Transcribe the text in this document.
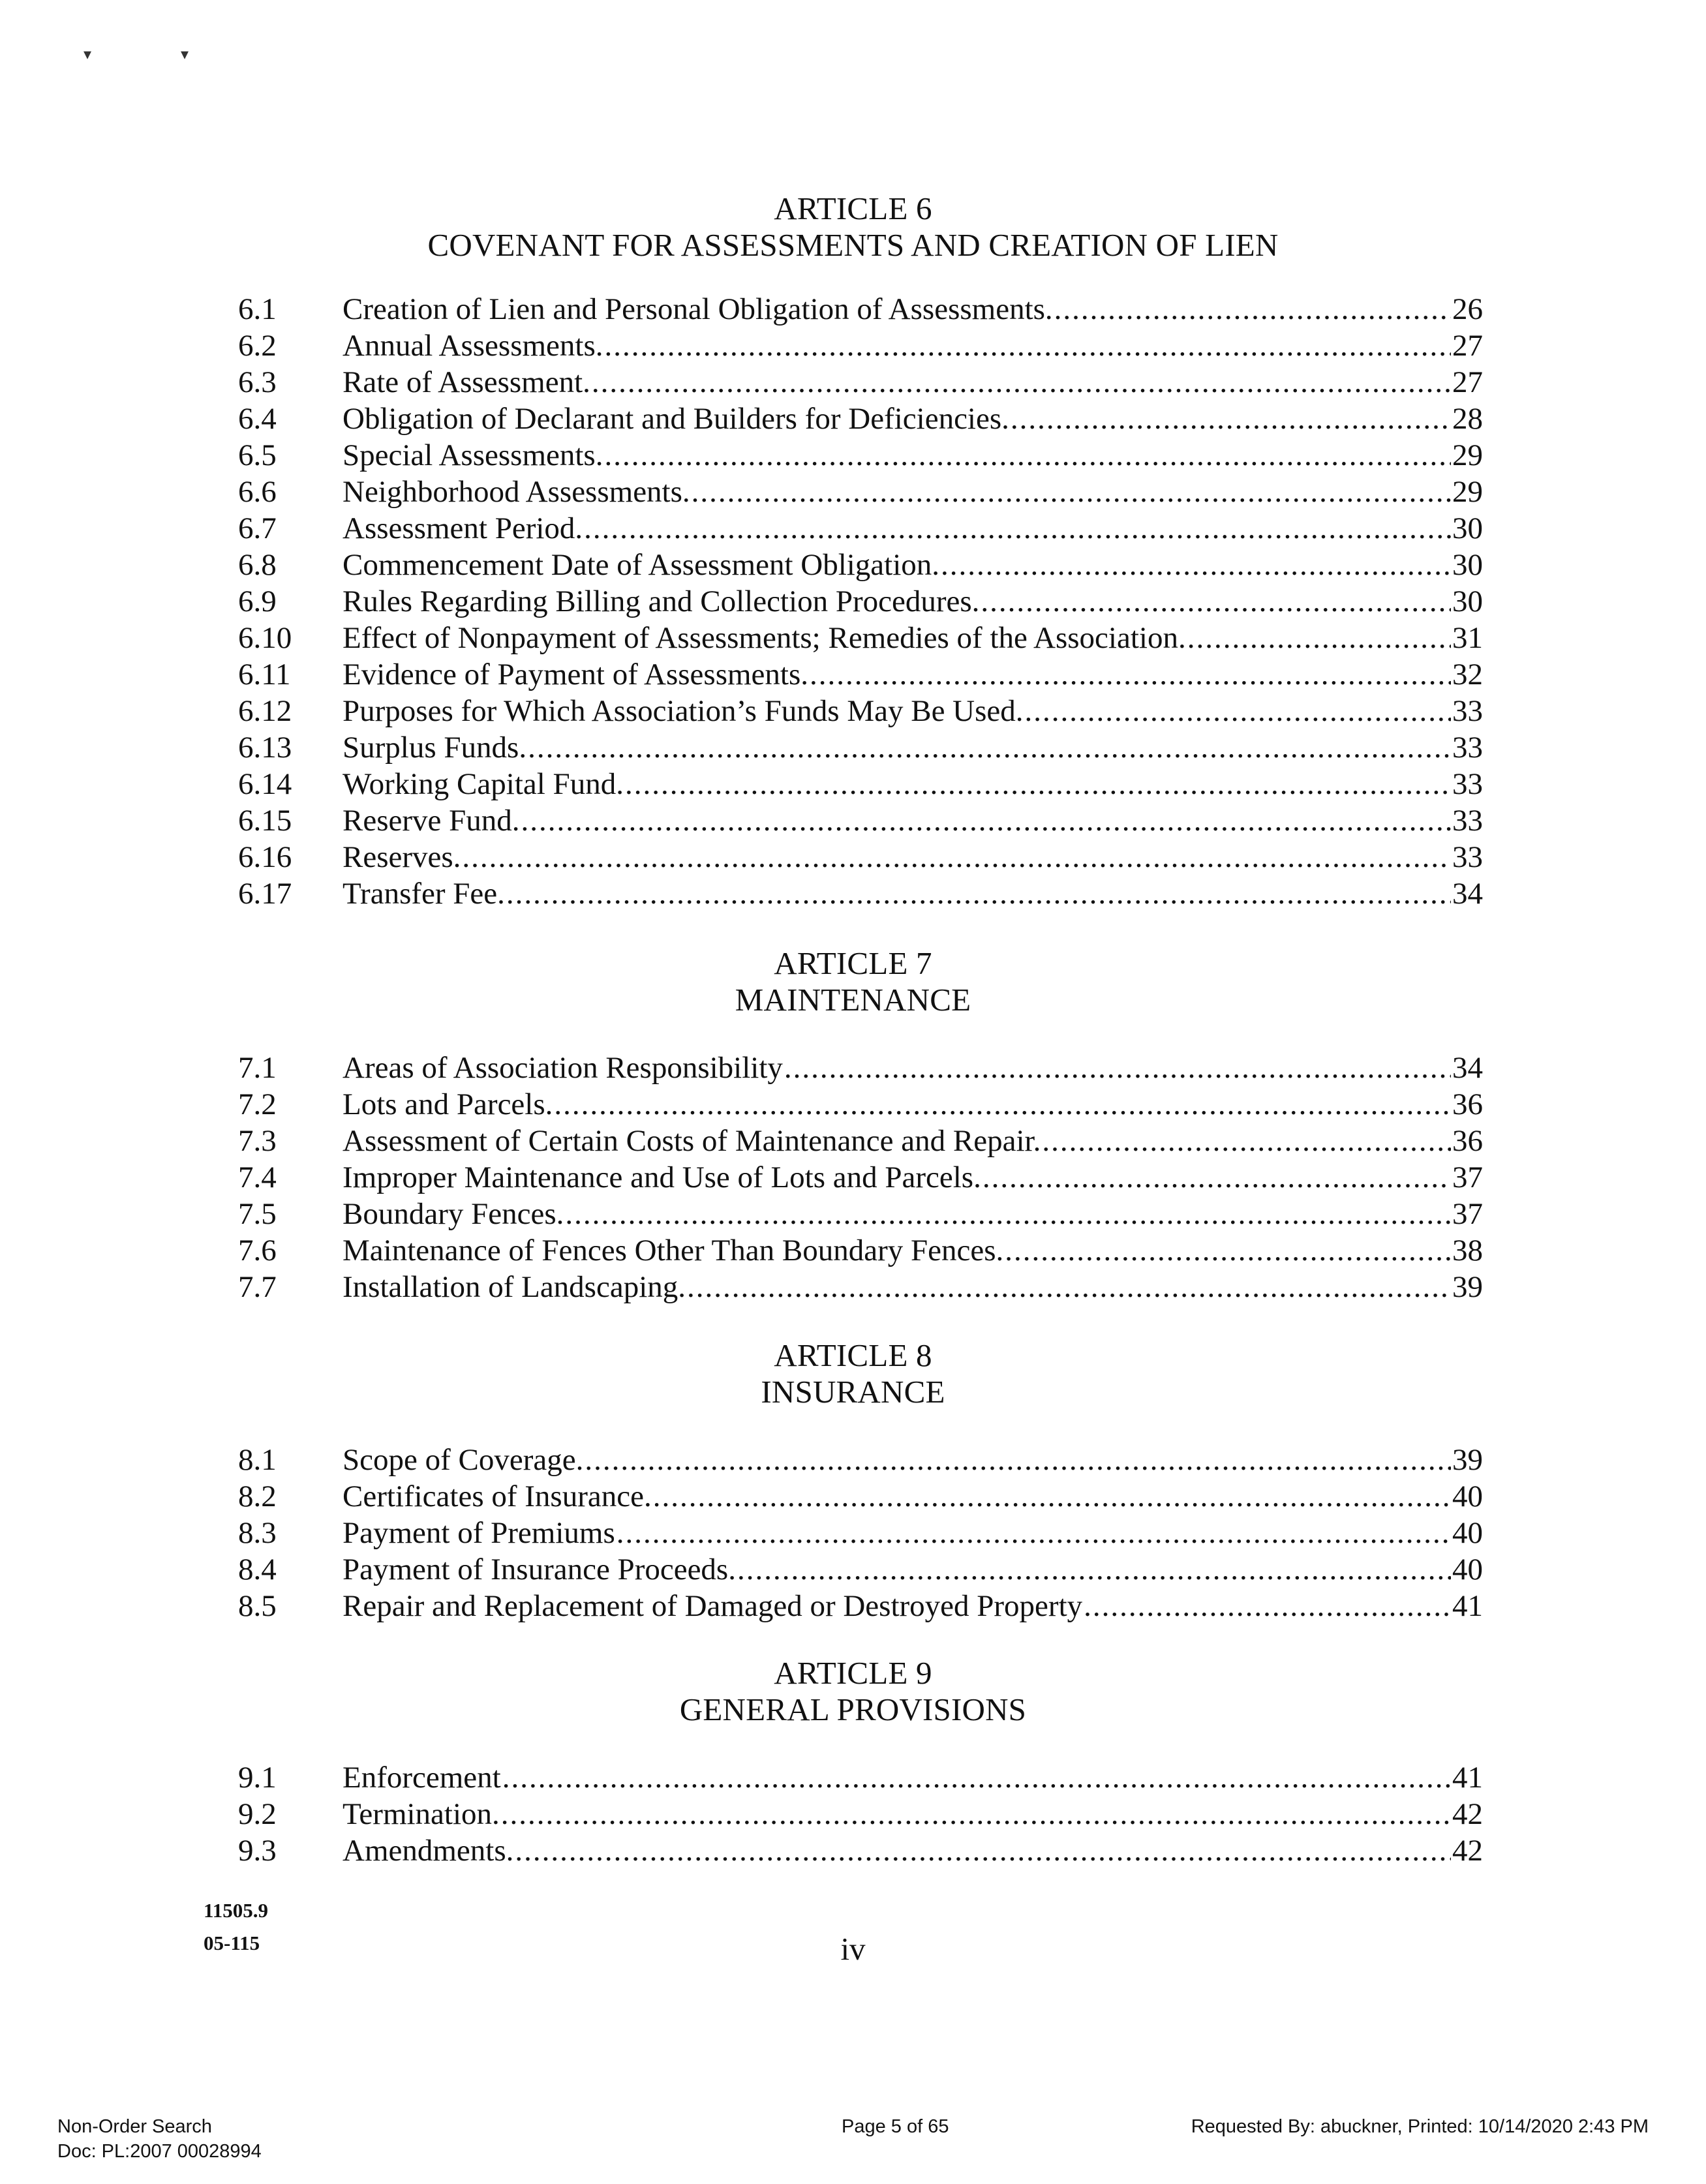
▾	▾
ARTICLE 6
COVENANT FOR ASSESSMENTS AND CREATION OF LIEN
6.1 Creation of Lien and Personal Obligation of Assessments. .....	26
6.2 Annual Assessments. .....	27
6.3 Rate of Assessment. .....	27
6.4 Obligation of Declarant and Builders for Deficiencies. .....	28
6.5 Special Assessments. .....	29
6.6 Neighborhood Assessments. .....	29
6.7 Assessment Period. .....	30
6.8 Commencement Date of Assessment Obligation. .....	30
6.9 Rules Regarding Billing and Collection Procedures. .....	30
6.10 Effect of Nonpayment of Assessments; Remedies of the Association. .....	31
6.11 Evidence of Payment of Assessments. .....	32
6.12 Purposes for Which Association’s Funds May Be Used. .....	33
6.13 Surplus Funds. .....	33
6.14 Working Capital Fund. .....	33
6.15 Reserve Fund. .....	33
6.16 Reserves. .....	33
6.17 Transfer Fee. .....	34
ARTICLE 7
MAINTENANCE
7.1 Areas of Association Responsibility .....	34
7.2 Lots and Parcels. .....	36
7.3 Assessment of Certain Costs of Maintenance and Repair. .....	36
7.4 Improper Maintenance and Use of Lots and Parcels. .....	37
7.5 Boundary Fences. .....	37
7.6 Maintenance of Fences Other Than Boundary Fences. .....	38
7.7 Installation of Landscaping. .....	39
ARTICLE 8
INSURANCE
8.1 Scope of Coverage. .....	39
8.2 Certificates of Insurance. .....	40
8.3 Payment of Premiums .....	40
8.4 Payment of Insurance Proceeds. .....	40
8.5 Repair and Replacement of Damaged or Destroyed Property .....	41
ARTICLE 9
GENERAL PROVISIONS
9.1 Enforcement .....	41
9.2 Termination. .....	42
9.3 Amendments. .....	42
11505.9
05-115	iv
Non-Order Search
Doc: PL:2007 00028994
Page 5 of 65	Requested By: abuckner, Printed: 10/14/2020 2:43 PM
